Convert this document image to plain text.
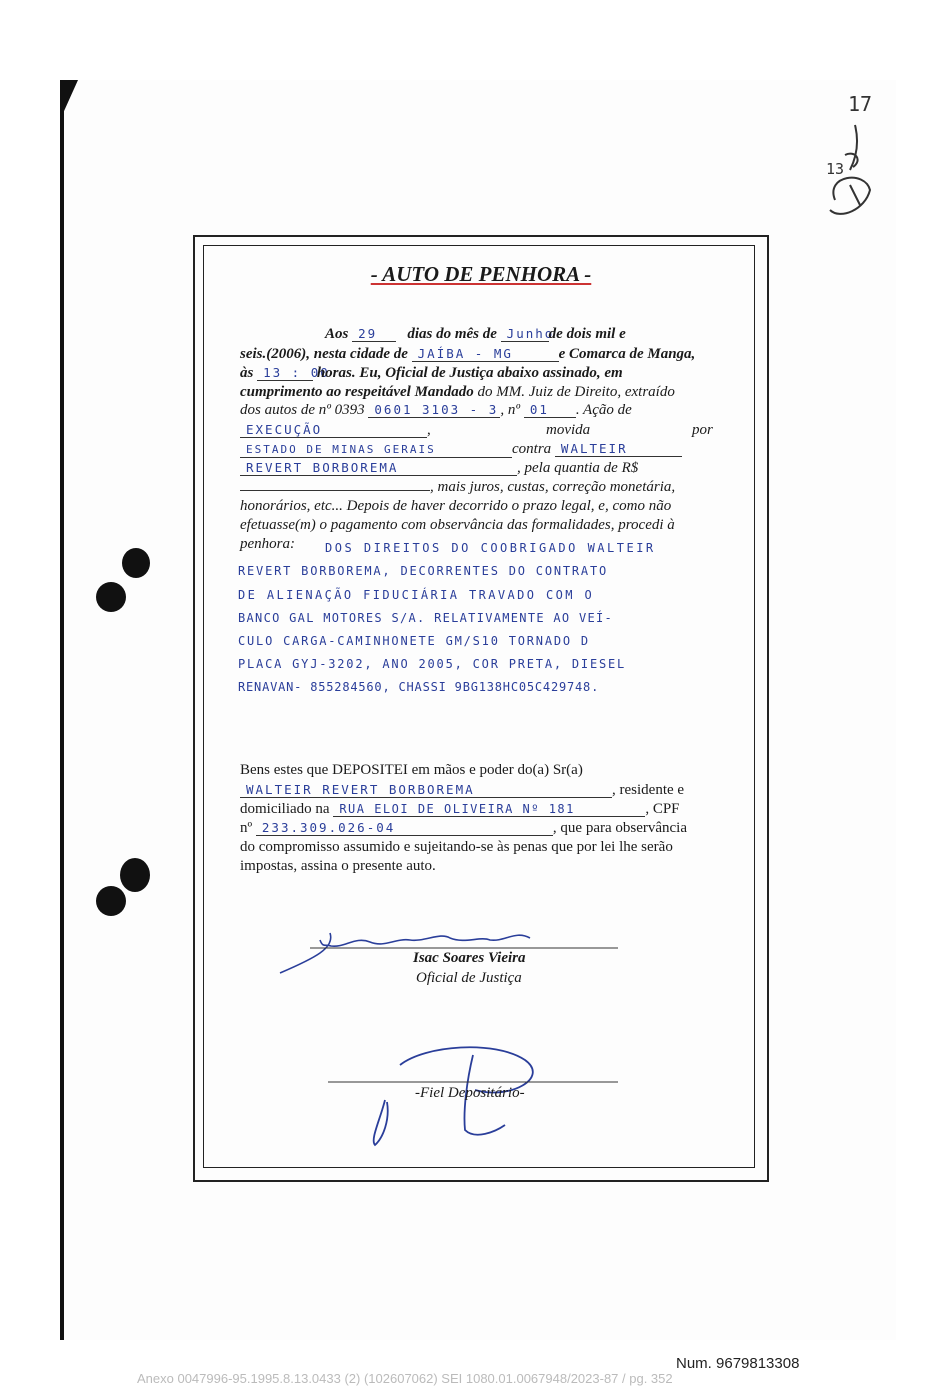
17
13
- AUTO DE PENHORA -
Aos 29 dias do mês de Junhode dois mil e
seis.(2006), nesta cidade de JAÍBA - MG	e Comarca de Manga,
às 13 : 00 horas. Eu, Oficial de Justiça abaixo assinado, em
cumprimento ao respeitável Mandado do MM. Juiz de Direito, extraído
dos autos de nº 0393 0601 3103 - 3 , nº 01 . Ação de
EXECUÇÃO	,	movida	por
ESTADO DE MINAS GERAIS	contra WALTEIR
REVERT BORBOREMA	, pela quantia de R$
, mais juros, custas, correção monetária,
honorários, etc... Depois de haver decorrido o prazo legal, e, como não
efetuasse(m) o pagamento com observância das formalidades, procedi à
penhora:	DOS DIREITOS DO COOBRIGADO WALTEIR
REVERT BORBOREMA, DECORRENTES DO CONTRATO
DE ALIENAÇÃO FIDUCIÁRIA TRAVADO COM O
BANCO GAL MOTORES S/A. RELATIVAMENTE AO VEÍ-
CULO CARGA-CAMINHONETE GM/S10 TORNADO D
PLACA GYJ-3202, ANO 2005, COR PRETA, DIESEL
RENAVAN- 855284560, CHASSI 9BG138HC05C429748.
Bens estes que DEPOSITEI em mãos e poder do(a) Sr(a)
WALTEIR REVERT BORBOREMA	, residente e
domiciliado na RUA ELOI DE OLIVEIRA Nº 181	, CPF
nº 233.309.026-04	, que para observância
do compromisso assumido e sujeitando-se às penas que por lei lhe serão
impostas, assina o presente auto.
Isac Soares Vieira
Oficial de Justiça
-Fiel Depositário-
Num. 9679813308
Anexo 0047996-95.1995.8.13.0433 (2) (102607062) SEI 1080.01.0067948/2023-87 / pg. 352
